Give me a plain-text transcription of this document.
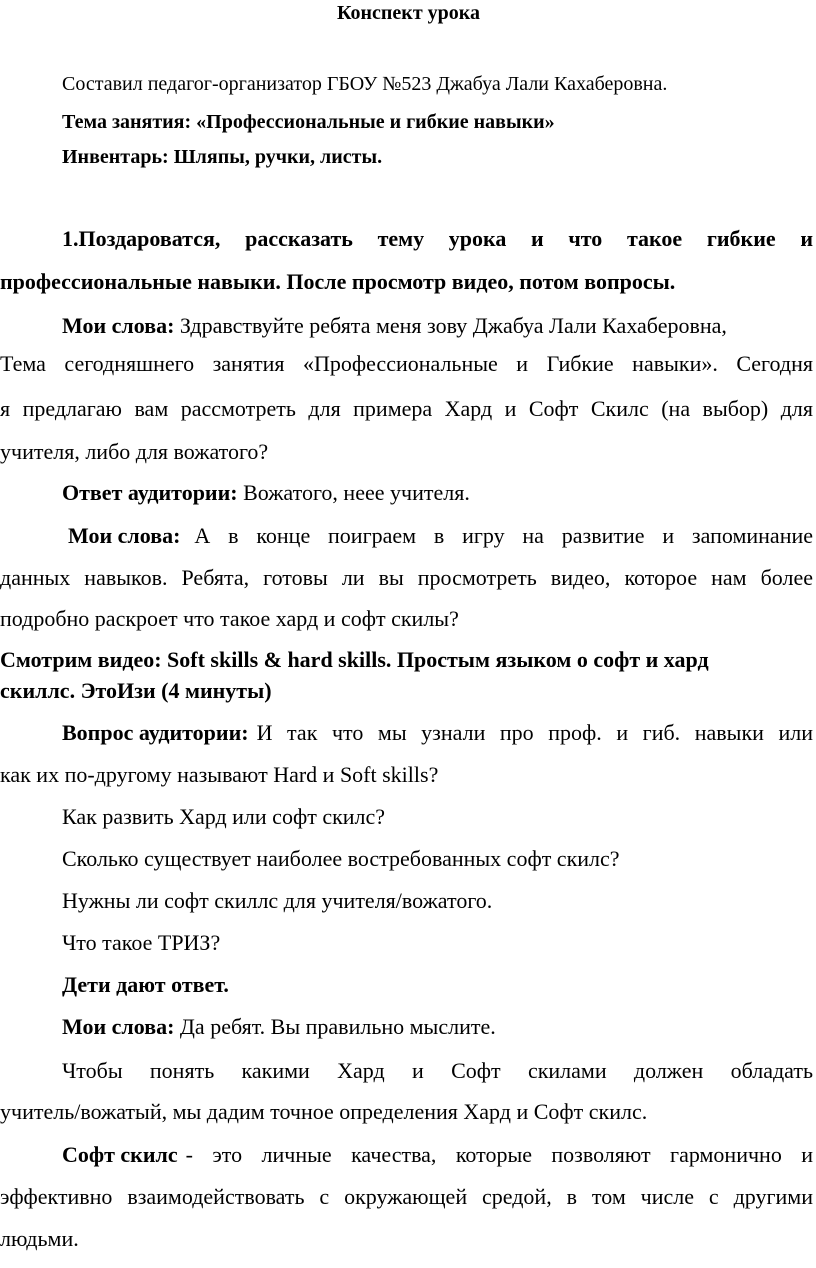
Конспект урока
Составил педагог-организатор ГБОУ №523 Джабуа Лали Кахаберовна.
Тема занятия: «Профессиональные и гибкие навыки»
Инвентарь: Шляпы, ручки, листы.
1.Поздароватся, рассказать тему урока и что такое гибкие и
профессиональные навыки. После просмотр видео, потом вопросы.
Мои слова: Здравствуйте ребята меня зову Джабуа Лали Кахаберовна,
Тема сегодняшнего занятия «Профессиональные и Гибкие навыки». Сегодня
я предлагаю вам рассмотреть для примера Хард и Софт Скилс (на выбор) для
учителя, либо для вожатого?
Ответ аудитории: Вожатого, неее учителя.
Мои слова: А в конце поиграем в игру на развитие и запоминание
данных навыков. Ребята, готовы ли вы просмотреть видео, которое нам более
подробно раскроет что такое хард и софт скилы?
Смотрим видео: Soft skills & hard skills. Простым языком о софт и хард
скиллс. ЭтоИзи (4 минуты)
Вопрос аудитории: И так что мы узнали про проф. и гиб. навыки или
как их по-другому называют Hard и Soft skills?
Как развить Хард или софт скилс?
Сколько существует наиболее востребованных софт скилс?
Нужны ли софт скиллс для учителя/вожатого.
Что такое ТРИЗ?
Дети дают ответ.
Мои слова: Да ребят. Вы правильно мыслите.
Чтобы понять какими Хард и Софт скилами должен обладать
учитель/вожатый, мы дадим точное определения Хард и Софт скилс.
Софт скилс - это личные качества, которые позволяют гармонично и
эффективно взаимодействовать с окружающей средой, в том числе с другими
людьми.
